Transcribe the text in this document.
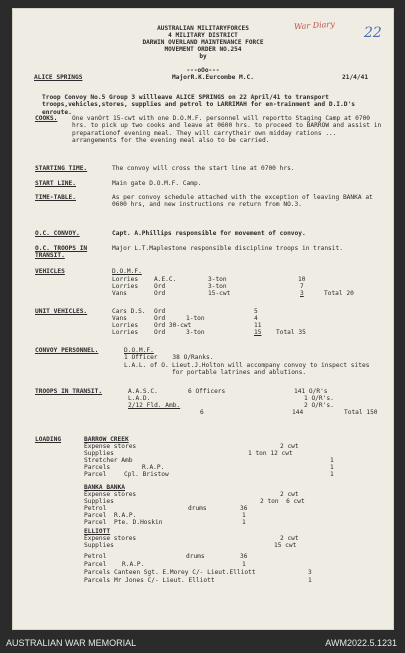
War Diary 22
AUSTRALIAN MILITARYFORCES
4 MILITARY DISTRICT
DARWIN OVERLAND MAINTENANCE FORCE
MOVEMENT ORDER NO.254
by
ALICE SPRINGS	MajorR.K.Eurcombe M.C.	21/4/41
---oOo---
Troop Convoy No.5 Group 3 willleave ALICE SPRINGS on 22 April/41 to transport troops,vehicles,stores, supplies and petrol to LARRIMAH for en-trainment and D.I.D's enroute.
COOKS. One vanOrt 15-cwt with one D.O.M.F. personnel will reportto Staging Camp at 0700 hrs. to pick up two cooks and leave at 0600 hrs. to proceed to BARROW and assist in preparationof evening meal. They will carrytheir own midday rations ... arrangements for the evening meal also to be carried.
STARTING TIME.	The convoy will cross the start line at 0700 hrs.
START LINE.	Main gate D.O.M.F. Camp.
TIME-TABLE.	As per convoy schedule attached with the exception of leaving BANKA at 0600 hrs, and new instructions re return from NO.3.
O.C. CONVOY.	Capt. A.Phillips responsible for movement of convoy.
O.C. TROOPS IN TRANSIT.
Major L.T.Maplestone responsible discipline troops in transit.
VEHICLES	D.O.M.F.
Lorries	A.E.C.	3-ton	10
Lorries	Ord	3-ton	7
Vans	Ord	15-cwt	3	Total 20
UNIT VEHICLES.	Cars D.S. Ord	5
Vans	Ord	1-ton	4
Lorries	Ord 30-cwt	11
Lorries	Ord	3-ton	15	Total 35
CONVOY PERSONNEL.	D.O.M.F.
1 Officer    38 O/Ranks.
L.A.L. of O. Lieut.J.Holton will accompany convoy to inspect sites for portable latrines and ablutions.
TROOPS IN TRANSIT.	A.A.S.C.	6 Officers	141 O/R's
L.A.D.	1 O/R's.
2/12 Fld. Amb.	2 O/R's.
6	144	Total 150
LOADING	BARROW CREEK
Expense stores	2 cwt
Supplies	1 ton 12 cwt
Stretcher Amb	1
Parcels	R.A.P.	1
Parcel	Cpl. Bristow	1
BANKA BANKA
Expense stores	2 cwt
Supplies	2 ton  6 cwt
Petrol	drums	36
Parcel R.A.P.	1
Parcel Pte. D.Hoskin	1
ELLIOTT
Expense stores	2 cwt
Supplies	15 cwt
Petrol	drums	36
Parcel	R.A.P.	1
Parcels Canteen Sgt. E.Morey C/- Lieut.Elliott	3
Parcels Mr Jones C/- Lieut. Elliott	1
AUSTRALIAN WAR MEMORIAL	AWM2022.5.1231
